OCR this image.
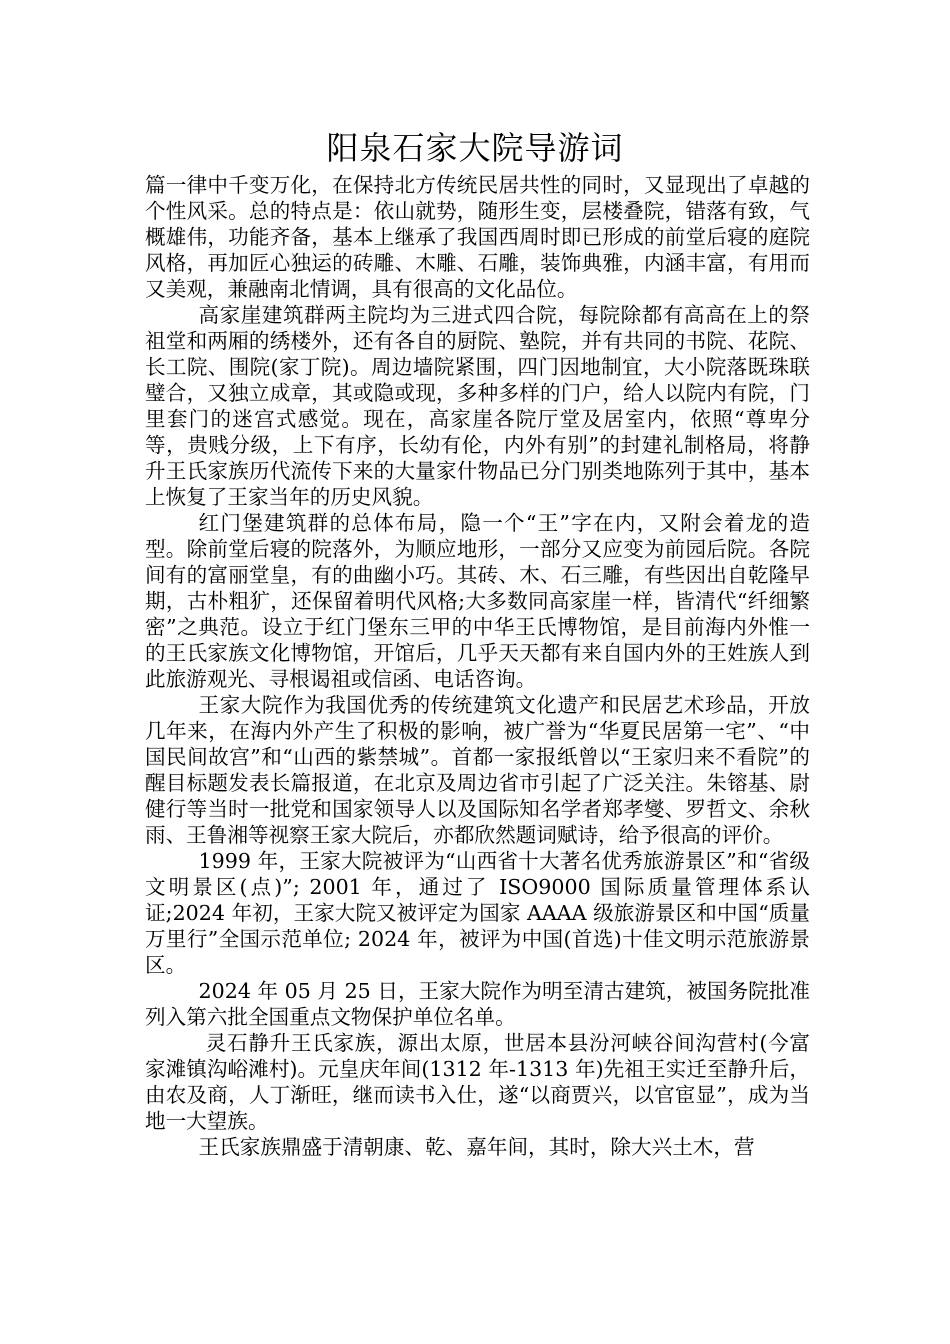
阳泉石家大院导游词

篇一律中千变万化，在保持北方传统民居共性的同时，又显现出了卓越的个性风采。总的特点是：依山就势，随形生变，层楼叠院，错落有致，气概雄伟，功能齐备，基本上继承了我国西周时即已形成的前堂后寝的庭院风格，再加匠心独运的砖雕、木雕、石雕，装饰典雅，内涵丰富，有用而又美观，兼融南北情调，具有很高的文化品位。

高家崖建筑群两主院均为三进式四合院，每院除都有高高在上的祭祖堂和两厢的绣楼外，还有各自的厨院、塾院，并有共同的书院、花院、长工院、围院(家丁院)。周边墙院紧围，四门因地制宜，大小院落既珠联璧合，又独立成章，其或隐或现，多种多样的门户，给人以院内有院，门里套门的迷宫式感觉。现在，高家崖各院厅堂及居室内，依照“尊卑分等，贵贱分级，上下有序，长幼有伦，内外有别”的封建礼制格局，将静升王氏家族历代流传下来的大量家什物品已分门别类地陈列于其中，基本上恢复了王家当年的历史风貌。

红门堡建筑群的总体布局，隐一个“王”字在内，又附会着龙的造型。除前堂后寝的院落外，为顺应地形，一部分又应变为前园后院。各院间有的富丽堂皇，有的曲幽小巧。其砖、木、石三雕，有些因出自乾隆早期，古朴粗犷，还保留着明代风格;大多数同高家崖一样，皆清代“纤细繁密”之典范。设立于红门堡东三甲的中华王氏博物馆，是目前海内外惟一的王氏家族文化博物馆，开馆后，几乎天天都有来自国内外的王姓族人到此旅游观光、寻根谒祖或信函、电话咨询。

王家大院作为我国优秀的传统建筑文化遗产和民居艺术珍品，开放几年来，在海内外产生了积极的影响，被广誉为“华夏民居第一宅”、“中国民间故宫”和“山西的紫禁城”。首都一家报纸曾以“王家归来不看院”的醒目标题发表长篇报道，在北京及周边省市引起了广泛关注。朱镕基、尉健行等当时一批党和国家领导人以及国际知名学者郑孝燮、罗哲文、余秋雨、王鲁湘等视察王家大院后，亦都欣然题词赋诗，给予很高的评价。

1999 年，王家大院被评为“山西省十大著名优秀旅游景区”和“省级文明景区(点)”; 2001 年，通过了 ISO9000 国际质量管理体系认证;2024 年初，王家大院又被评定为国家 AAAA 级旅游景区和中国“质量万里行”全国示范单位; 2024 年，被评为中国(首选)十佳文明示范旅游景区。

2024 年 05 月 25 日，王家大院作为明至清古建筑，被国务院批准列入第六批全国重点文物保护单位名单。

灵石静升王氏家族，源出太原，世居本县汾河峡谷间沟营村(今富家滩镇沟峪滩村)。元皇庆年间(1312 年-1313 年)先祖王实迁至静升后，由农及商，人丁渐旺，继而读书入仕，遂“以商贾兴，以官宦显”，成为当地一大望族。

王氏家族鼎盛于清朝康、乾、嘉年间，其时，除大兴土木，营
